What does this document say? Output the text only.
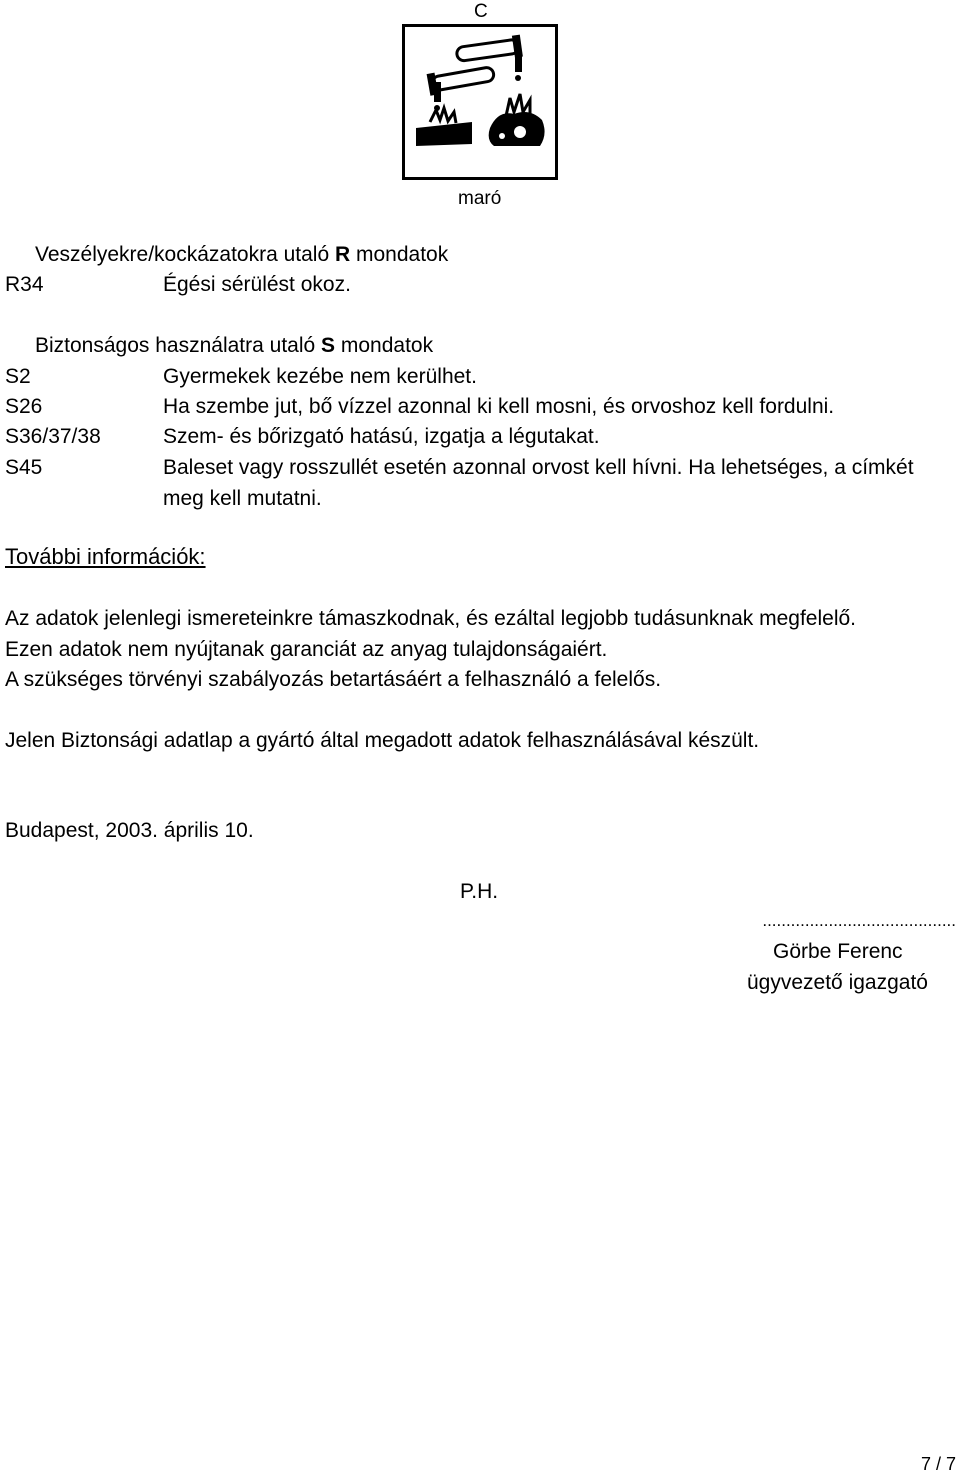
C
maró
Veszélyekre/kockázatokra utaló R mondatok
R34	Égési sérülést okoz.
Biztonságos használatra utaló S mondatok
S2	Gyermekek kezébe nem kerülhet.
S26	Ha szembe jut, bő vízzel azonnal ki kell mosni, és orvoshoz kell fordulni.
S36/37/38	Szem- és bőrizgató hatású, izgatja a légutakat.
S45	Baleset vagy rosszullét esetén azonnal orvost kell hívni. Ha lehetséges, a címkét
meg kell mutatni.
További információk:
Az adatok jelenlegi ismereteinkre támaszkodnak, és ezáltal legjobb tudásunknak megfelelő.
Ezen adatok nem nyújtanak garanciát az anyag tulajdonságaiért.
A szükséges törvényi szabályozás betartásáért a felhasználó a felelős.
Jelen Biztonsági adatlap a gyártó által megadott adatok felhasználásával készült.
Budapest, 2003. április 10.
P.H.
.........................................
Görbe Ferenc
ügyvezető igazgató
7 / 7
